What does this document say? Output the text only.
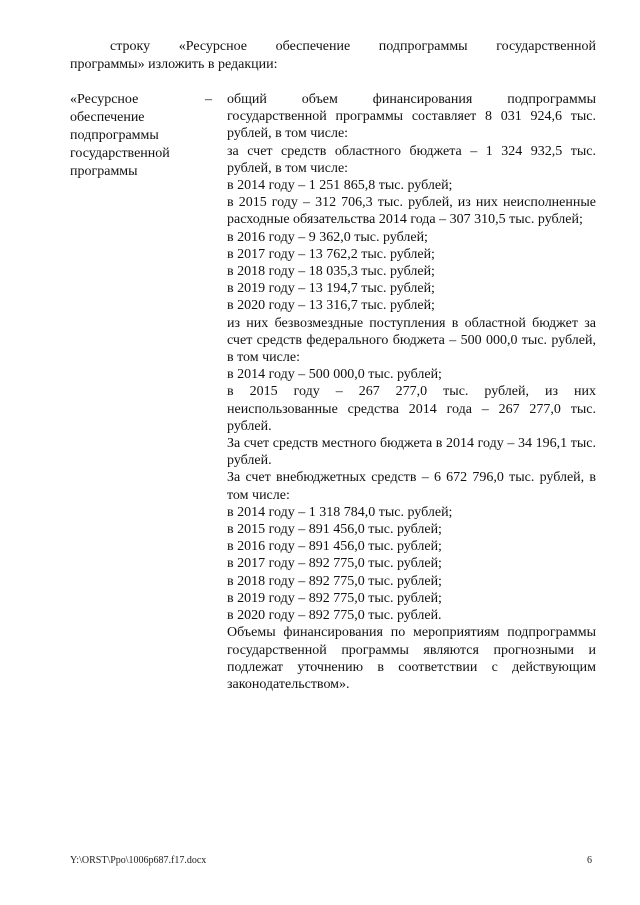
строку «Ресурсное обеспечение подпрограммы государственной
программы» изложить в редакции:
«Ресурсное
обеспечение
подпрограммы
государственной
программы
– общий объем финансирования подпрограммы государственной программы составляет 8 031 924,6 тыс. рублей, в том числе:
за счет средств областного бюджета – 1 324 932,5 тыс. рублей, в том числе:
в 2014 году – 1 251 865,8 тыс. рублей;
в 2015 году – 312 706,3 тыс. рублей, из них неисполненные расходные обязательства 2014 года – 307 310,5 тыс. рублей;
в 2016 году – 9 362,0 тыс. рублей;
в 2017 году – 13 762,2 тыс. рублей;
в 2018 году – 18 035,3 тыс. рублей;
в 2019 году – 13 194,7 тыс. рублей;
в 2020 году – 13 316,7 тыс. рублей;
из них безвозмездные поступления в областной бюджет за счет средств федерального бюджета – 500 000,0 тыс. рублей, в том числе:
в 2014 году – 500 000,0 тыс. рублей;
в 2015 году – 267 277,0 тыс. рублей, из них неиспользованные средства 2014 года – 267 277,0 тыс. рублей.
За счет средств местного бюджета в 2014 году – 34 196,1 тыс. рублей.
За счет внебюджетных средств – 6 672 796,0 тыс. рублей, в том числе:
в 2014 году – 1 318 784,0 тыс. рублей;
в 2015 году – 891 456,0 тыс. рублей;
в 2016 году – 891 456,0 тыс. рублей;
в 2017 году – 892 775,0 тыс. рублей;
в 2018 году – 892 775,0 тыс. рублей;
в 2019 году – 892 775,0 тыс. рублей;
в 2020 году – 892 775,0 тыс. рублей.
Объемы финансирования по мероприятиям подпрограммы государственной программы являются прогнозными и подлежат уточнению в соответствии с действующим законодательством».
Y:\ORST\Ppo\1006p687.f17.docx	6
